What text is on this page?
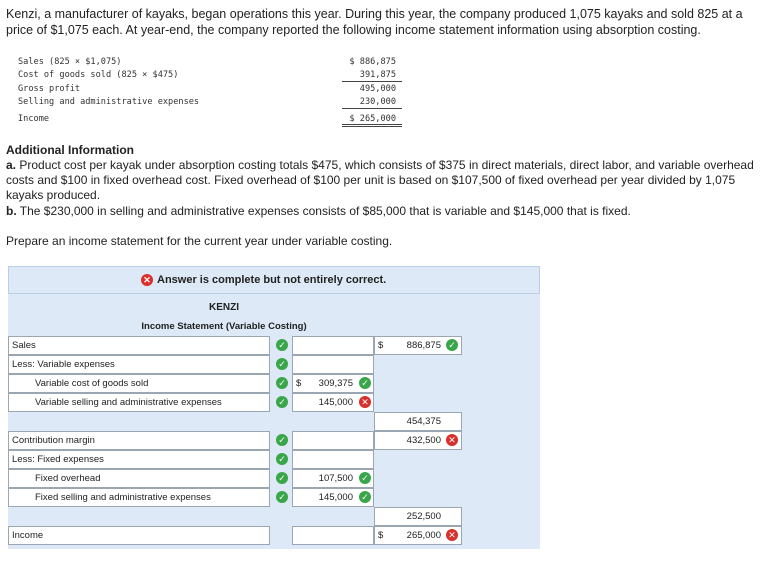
Kenzi, a manufacturer of kayaks, began operations this year. During this year, the company produced 1,075 kayaks and sold 825 at a price of $1,075 each. At year-end, the company reported the following income statement information using absorption costing.
Sales (825 × $1,075)	$ 886,875
Cost of goods sold (825 × $475)	391,875
Gross profit	495,000
Selling and administrative expenses	230,000
Income	$ 265,000
Additional Information
a. Product cost per kayak under absorption costing totals $475, which consists of $375 in direct materials, direct labor, and variable overhead costs and $100 in fixed overhead cost. Fixed overhead of $100 per unit is based on $107,500 of fixed overhead per year divided by 1,075 kayaks produced.
b. The $230,000 in selling and administrative expenses consists of $85,000 that is variable and $145,000 that is fixed.
Prepare an income statement for the current year under variable costing.
✕ Answer is complete but not entirely correct.
KENZI
Income Statement (Variable Costing)
Sales	✓	$ 886,875 ✓
Less: Variable expenses	✓
Variable cost of goods sold	✓ $ 309,375 ✓
Variable selling and administrative expenses	✓	145,000 ✕
454,375
Contribution margin	✓	432,500 ✕
Less: Fixed expenses	✓
Fixed overhead	✓	107,500 ✓
Fixed selling and administrative expenses	✓	145,000 ✓
252,500
Income	$ 265,000 ✕
